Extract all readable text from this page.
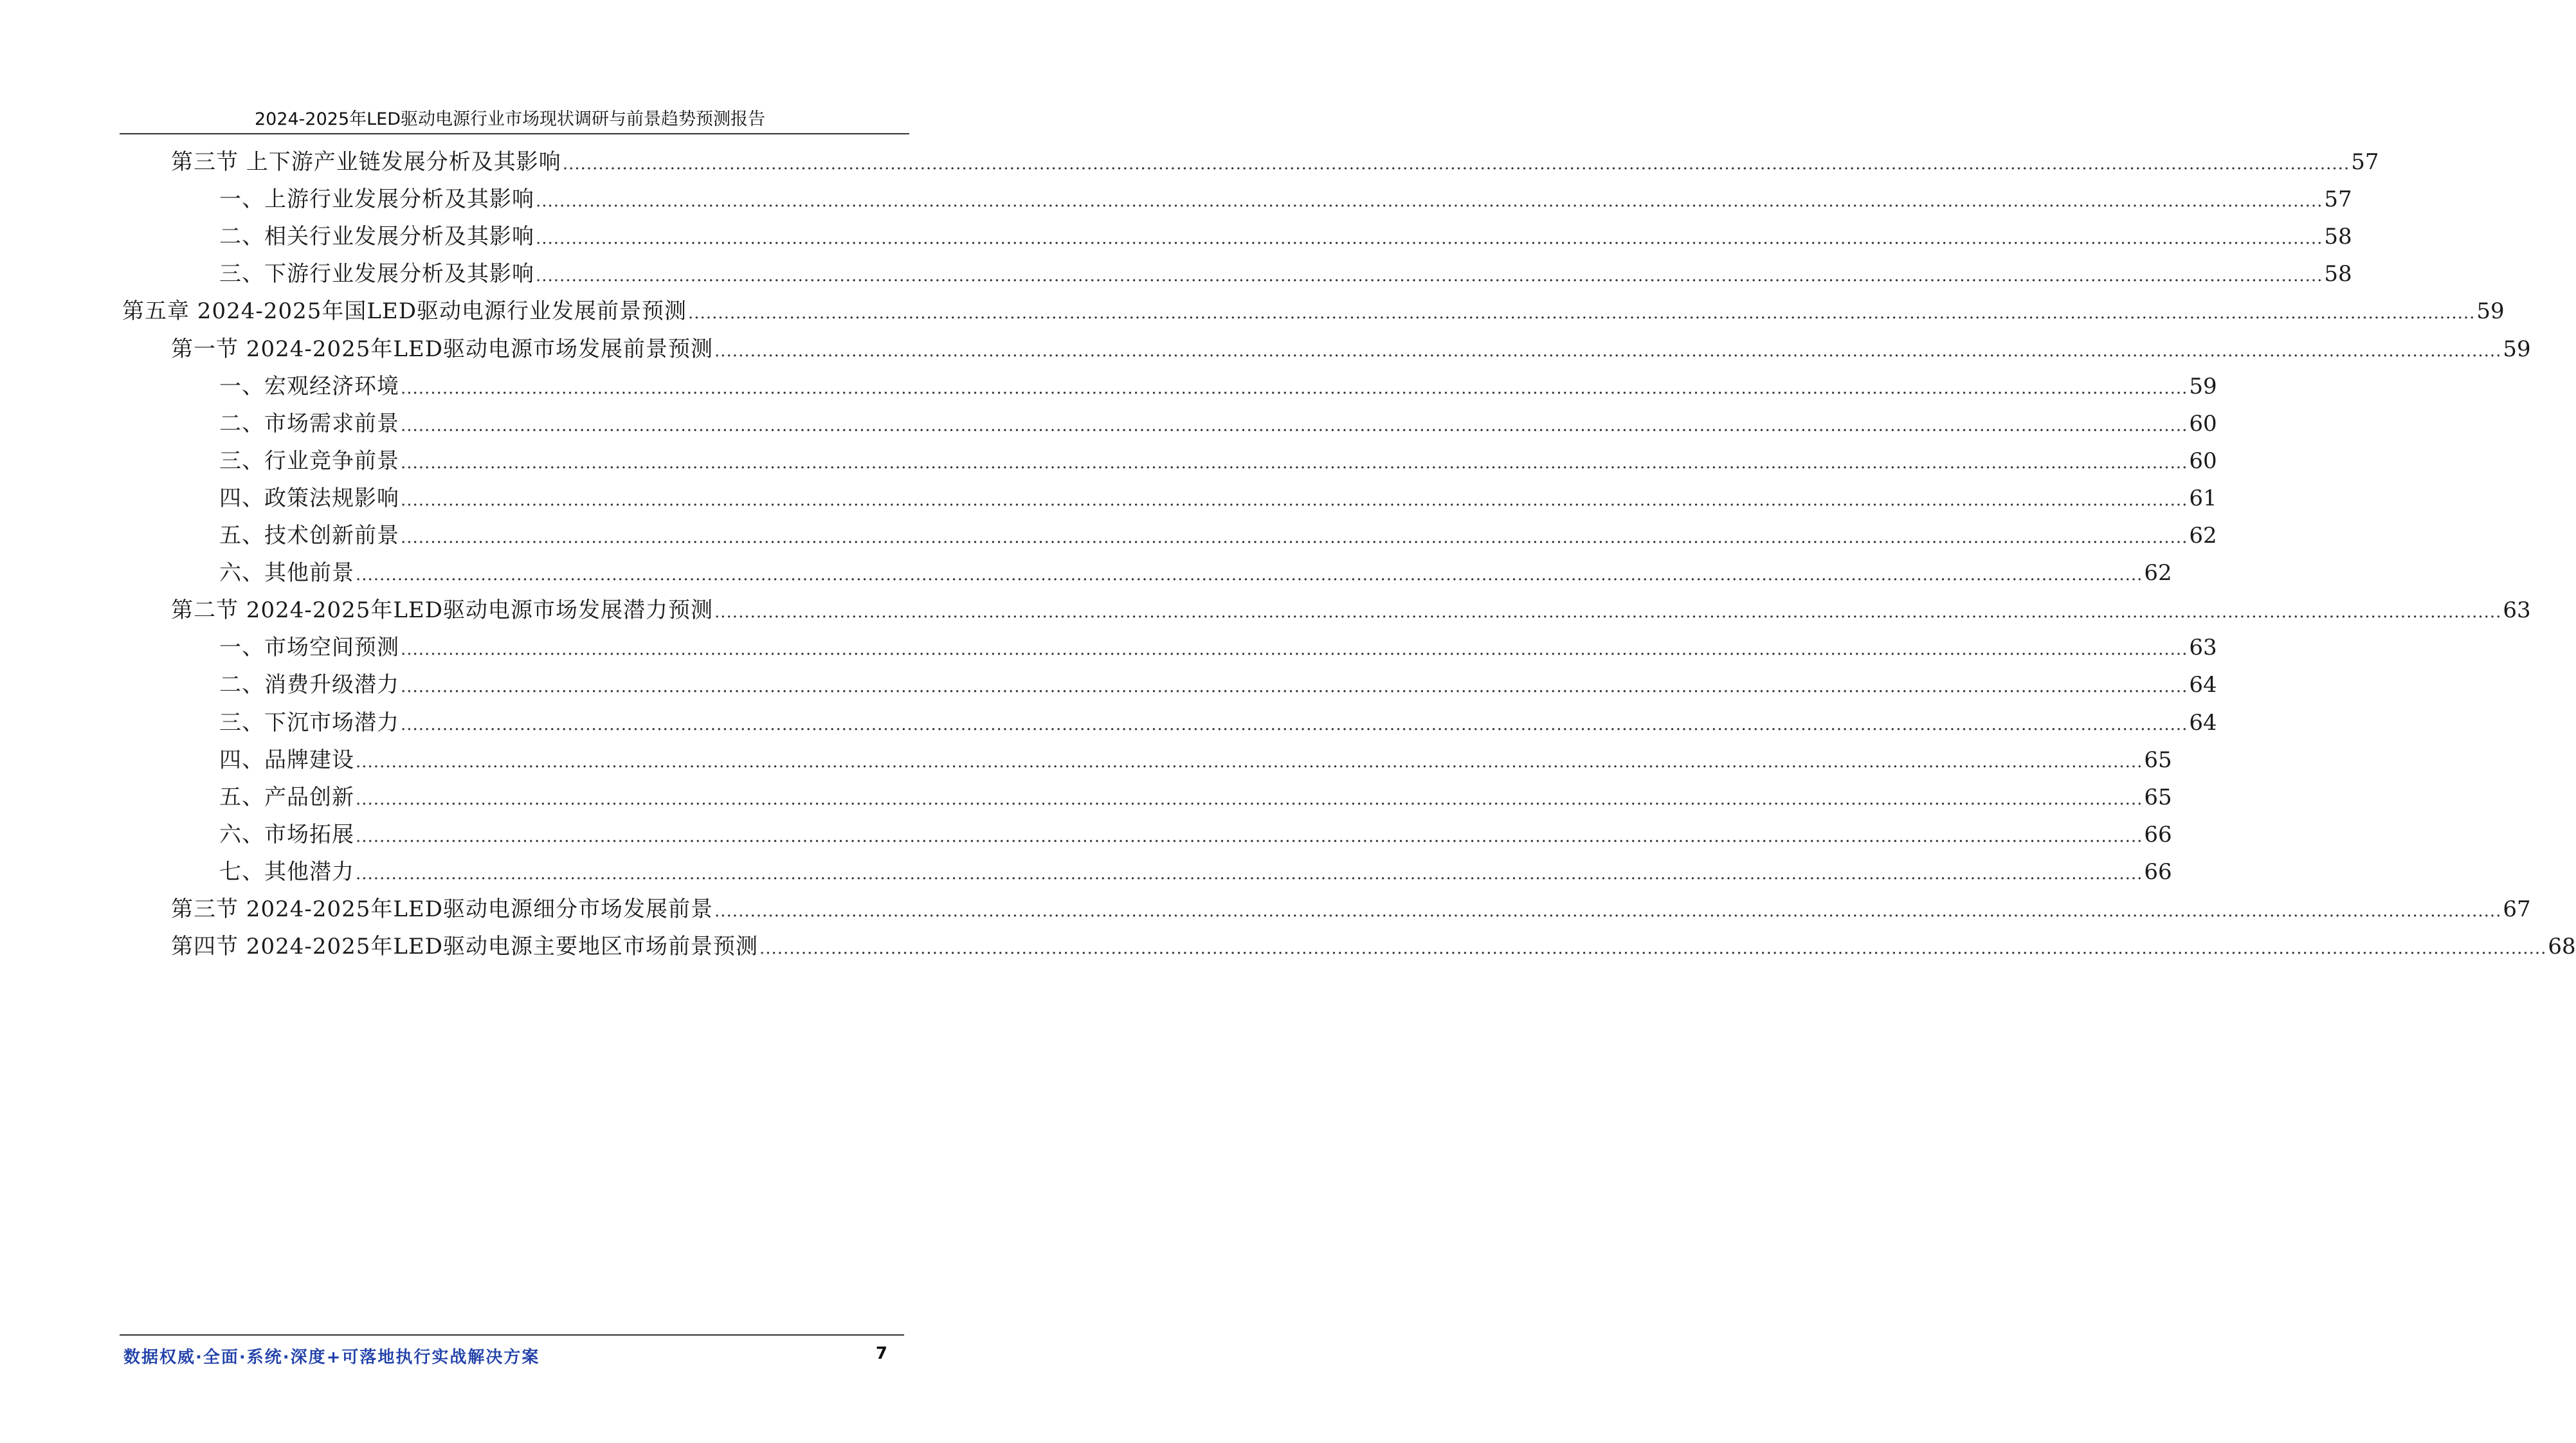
2024-2025年LED驱动电源行业市场现状调研与前景趋势预测报告
第三节 上下游产业链发展分析及其影响 ............................................................................................................................................................................................................................................................................................................ 57
一、上游行业发展分析及其影响 ............................................................................................................................................................................................................................................................................................................ 57
二、相关行业发展分析及其影响 ............................................................................................................................................................................................................................................................................................................ 58
三、下游行业发展分析及其影响 ............................................................................................................................................................................................................................................................................................................ 58
第五章 2024-2025年国LED驱动电源行业发展前景预测 ............................................................................................................................................................................................................................................................................................................ 59
第一节 2024-2025年LED驱动电源市场发展前景预测 ............................................................................................................................................................................................................................................................................................................ 59
一、宏观经济环境 ............................................................................................................................................................................................................................................................................................................ 59
二、市场需求前景 ............................................................................................................................................................................................................................................................................................................ 60
三、行业竞争前景 ............................................................................................................................................................................................................................................................................................................ 60
四、政策法规影响 ............................................................................................................................................................................................................................................................................................................ 61
五、技术创新前景 ............................................................................................................................................................................................................................................................................................................ 62
六、其他前景 ............................................................................................................................................................................................................................................................................................................ 62
第二节 2024-2025年LED驱动电源市场发展潜力预测 ............................................................................................................................................................................................................................................................................................................ 63
一、市场空间预测 ............................................................................................................................................................................................................................................................................................................ 63
二、消费升级潜力 ............................................................................................................................................................................................................................................................................................................ 64
三、下沉市场潜力 ............................................................................................................................................................................................................................................................................................................ 64
四、品牌建设 ............................................................................................................................................................................................................................................................................................................ 65
五、产品创新 ............................................................................................................................................................................................................................................................................................................ 65
六、市场拓展 ............................................................................................................................................................................................................................................................................................................ 66
七、其他潜力 ............................................................................................................................................................................................................................................................................................................ 66
第三节 2024-2025年LED驱动电源细分市场发展前景 ............................................................................................................................................................................................................................................................................................................ 67
第四节 2024-2025年LED驱动电源主要地区市场前景预测 ............................................................................................................................................................................................................................................................................................................ 68
数据权威·全面·系统·深度+可落地执行实战解决方案	7
